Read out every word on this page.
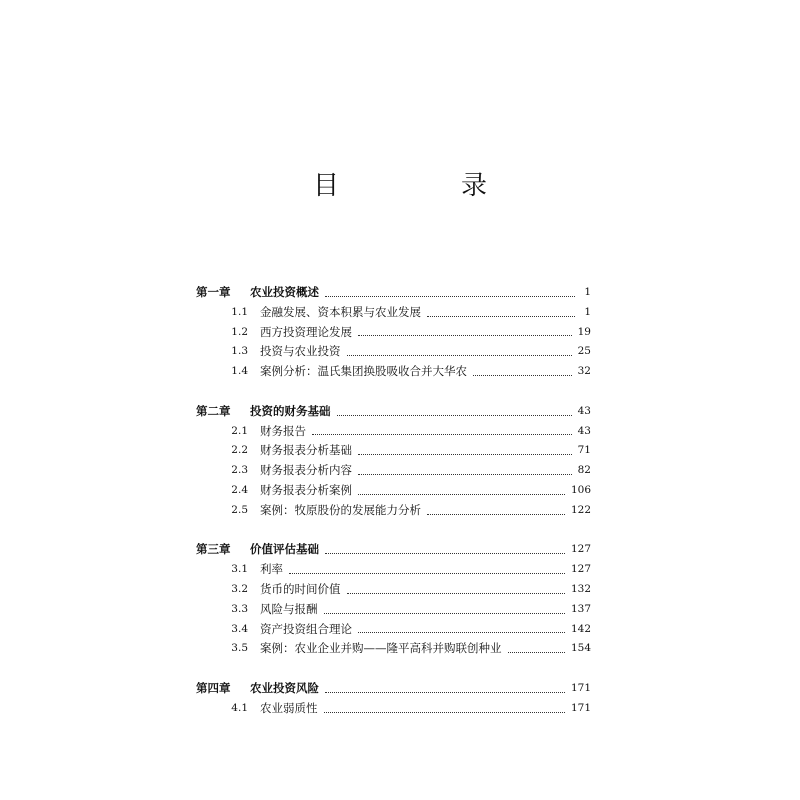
目　录
第一章	农业投资概述	1
1.1 金融发展、资本积累与农业发展	1
1.2 西方投资理论发展	19
1.3 投资与农业投资	25
1.4 案例分析：温氏集团换股吸收合并大华农	32
第二章	投资的财务基础	43
2.1 财务报告	43
2.2 财务报表分析基础	71
2.3 财务报表分析内容	82
2.4 财务报表分析案例	106
2.5 案例：牧原股份的发展能力分析	122
第三章	价值评估基础	127
3.1 利率	127
3.2 货币的时间价值	132
3.3 风险与报酬	137
3.4 资产投资组合理论	142
3.5 案例：农业企业并购——隆平高科并购联创种业	154
第四章	农业投资风险	171
4.1 农业弱质性	171
